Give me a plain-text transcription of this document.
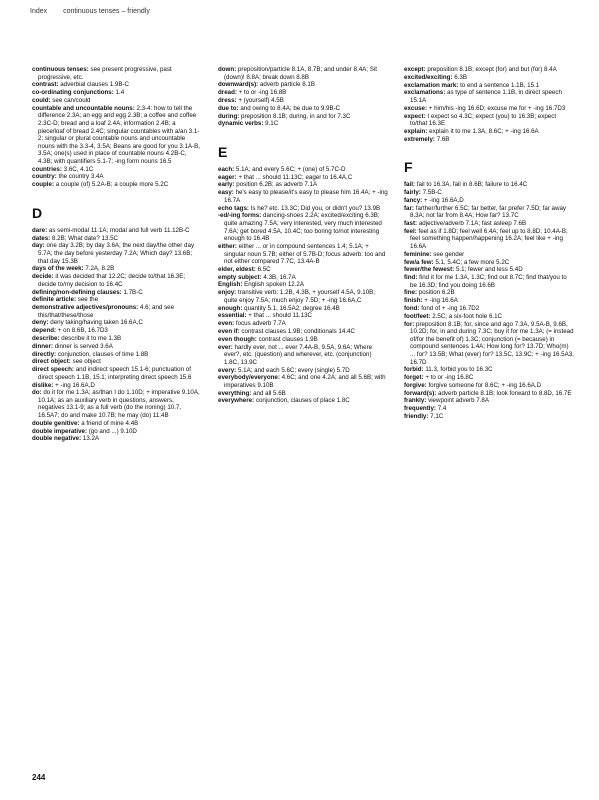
Index continuous tenses – friendly
continuous tenses: see present progressive, past progressive, etc.
contrast: adverbial clauses 1.9B-C
co-ordinating conjunctions: 1.4
could: see can/could
countable and uncountable nouns: 2.3-4: how to tell the difference 2.3A; an egg and egg 2.3B; a coffee and coffee 2.3C-D; bread and a loaf 2.4A; information 2.4B; a piece/loaf of bread 2.4C; singular countables with a/an 3.1-2; singular or plural countable nouns and uncountable nouns with the 3.3-4, 3.5A; Beans are good for you 3.1A-B, 3.5A; one(s) used in place of countable nouns 4.2B-C, 4.3B; with quantifiers 5.1-7; -ing form nouns 16.5
countries: 3.6C, 4.1C
country: the country 3.4A
couple: a couple (of) 5.2A-B; a couple more 5.2C
D
dare: as semi-modal 11.1A; modal and full verb 11.12B-C
dates: 8.2B; What date? 13.5C
day: one day 3.2B; by day 3.6A; the next day/the other day 5.7A; the day before yesterday 7.2A; Which day? 13.6B; that day 15.3B
days of the week: 7.2A, 8.2B
decide: it was decided that 12.2C; decide to/that 16.3E; decide to/my decision to 16.4C
defining/non-defining clauses: 1.7B-C
definite article: see the
demonstrative adjectives/pronouns: 4.6; and see this/that/these/those
deny: deny taking/having taken 16.6A,C
depend: + on 8.6B, 16.7D3
describe: describe it to me 1.3B
dinner: dinner is served 3.6A
directly: conjunction, clauses of time 1.8B
direct object: see object
direct speech: and indirect speech 15.1-6; punctuation of direct speech 1.1B, 15.1; interpreting direct speech 15.6
dislike: + -ing 16.6A,D
do: do it for me 1.3A; as/than I do 1.10D; + imperative 9.10A, 10.1A; as an auxiliary verb in questions, answers, negatives 13.1-9; as a full verb (do the ironing) 10.7, 16.5A7; do and make 10.7B; he may (do) 11.4B
double genitive: a friend of mine 4.4B
double imperative: (go and ...) 9.10D
double negative: 13.2A
down: preposition/particle 8.1A, 8.7B; and under 8.4A; Sit (down)! 8.8A; break down 8.8B
downward(s): adverb particle 8.1B
dread: + to or -ing 16.8B
dress: + (yourself) 4.5B
due to: and owing to 8.4A; be due to 9.9B-C
during: preposition 8.1B; during, in and for 7.3C
dynamic verbs: 9.1C
E
each: 5.1A; and every 5.6C; + (one) of 5.7C-D
eager: + that ... should 11.13C; eager to 16.4A,C
early: position 6.2B; as adverb 7.1A
easy: he's easy to please/it's easy to please him 16.4A; + -ing 16.7A
echo tags: Is he? etc. 13.3C; Did you, or didn't you? 13.9B
-ed/-ing forms: dancing-shoes 2.2A; excited/exciting 6.3B; quite amazing 7.5A; very interested, very much interested 7.6A; get bored 4.5A, 10.4C; too boring to/not interesting enough to 16.4B
either: either ... or in compound sentences 1.4; 5.1A; + singular noun 5.7B; either of 5.7B-D; focus adverb: too and not either compared 7.7C, 13.4A-B
elder, eldest: 6.5C
empty subject: 4.3B, 16.7A
English: English spoken 12.2A
enjoy: transitive verb: 1.2B, 4.3B, + yourself 4.5A, 9.10B; quite enjoy 7.5A; much enjoy 7.5D; + -ing 16.6A,C
enough: quantity 5.1, 16.5A2; degree 16.4B
essential: + that ... should 11.13C
even: focus adverb 7.7A
even if: contrast clauses 1.9B; conditionals 14.4C
even though: contrast clauses 1.9B
ever: hardly ever, not ... ever 7.4A-B, 9.5A, 9.6A; Where ever?, etc. (question) and wherever, etc. (conjunction) 1.8C, 13.9C
every: 5.1A; and each 5.6C; every (single) 5.7D
everybody/everyone: 4.6C; and one 4.2A; and all 5.6B; with imperatives 9.10B
everything: and all 5.6B
everywhere: conjunction, clauses of place 1.8C
except: preposition 8.1B; except (for) and but (for) 8.4A
excited/exciting: 6.3B
exclamation mark: to end a sentence 1.1B, 15.1
exclamations: as type of sentence 1.1B, in direct speech 15.1A
excuse: + him/his -ing 16.6D; excuse me for + -ing 16.7D3
expect: I expect so 4.3C; expect (you) to 16.3B; expect to/that 16.3E
explain: explain it to me 1.3A, 8.6C; + -ing 16.6A
extremely: 7.6B
F
fail: fail to 16.3A, fail in 8.6B; failure to 16.4C
fairly: 7.5B-C
fancy: + -ing 16.6A,D
far: farther/further 6.5C; far better, far prefer 7.5D; far away 8.3A; not far from 8.4A; How far? 13.7C
fast: adjective/adverb 7.1A; fast asleep 7.6B
feel: feel as if 1.8D; feel well 6.4A; feel up to 8.8D; 10.4A-B; feel something happen/happening 16.2A; feel like + -ing 16.6A
feminine: see gender
few/a few: 5.1, 5.4C; a few more 5.2C
fewer/the fewest: 5.1; fewer and less 5.4D
find: find it for me 1.3A, 1.3C; find out 8.7C; find that/you to be 16.3D; find you doing 16.6B
fine: position 6.2B
finish: + -ing 16.6A
fond: fond of + -ing 16.7D2
foot/feet: 2.5C; a six-foot hole 6.1C
for: preposition 8.1B; for, since and ago 7.3A, 9.5A-B, 9.6B, 10.2D; for, in and during 7.3C; buy it for me 1.3A; (= instead of/for the benefit of) 1.3C; conjunction (= because) in compound sentences 1.4A; How long for? 13.7D; Who(m) ... for? 13.5B; What (ever) for? 13.5C, 13.9C; + -ing 16.5A3, 16.7D
forbid: 11.3, forbid you to 16.3C
forget: + to or -ing 16.8C
forgive: forgive someone for 8.6C; + -ing 16.6A,D
forward(s): adverb particle 8.1B; look forward to 8.8D, 16.7E
frankly: viewpoint adverb 7.8A
frequently: 7.4
friendly: 7.1C
244
